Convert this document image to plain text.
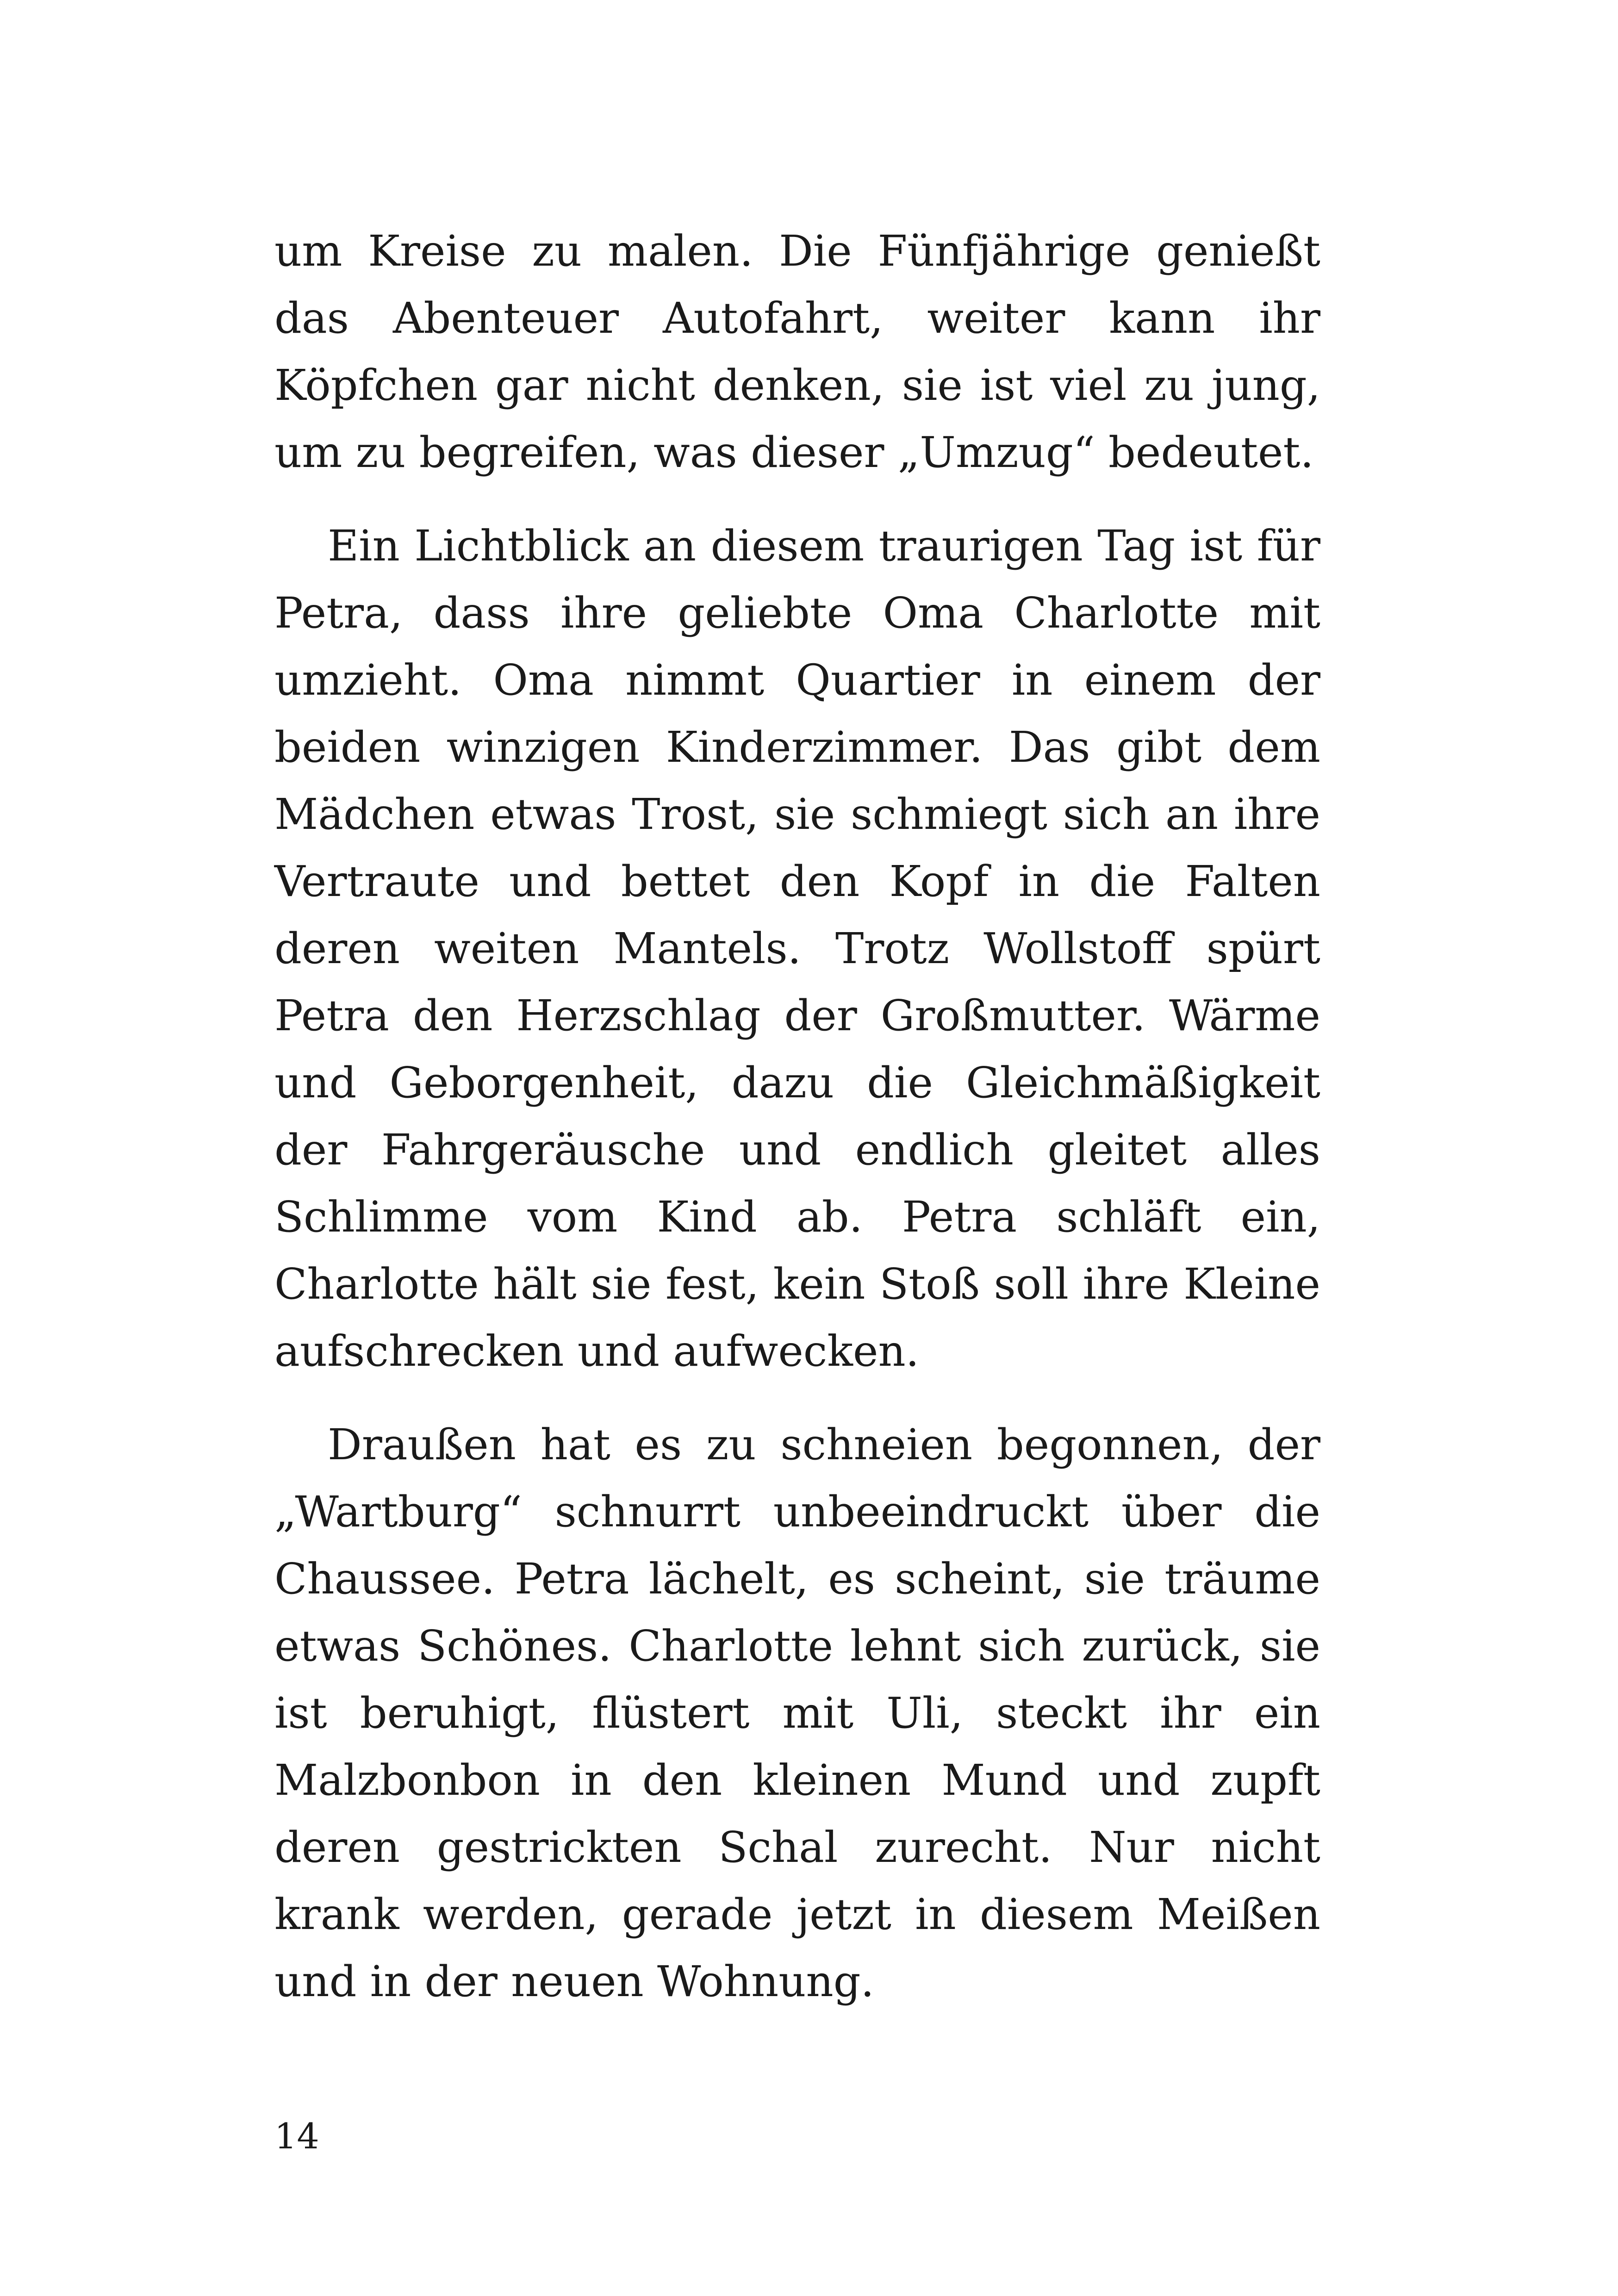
um Kreise zu malen. Die Fünfjährige genießt das Abenteuer Autofahrt, weiter kann ihr Köpfchen gar nicht denken, sie ist viel zu jung, um zu begreifen, was dieser „Umzug“ bedeutet.

Ein Lichtblick an diesem traurigen Tag ist für Petra, dass ihre geliebte Oma Charlotte mit umzieht. Oma nimmt Quartier in einem der beiden winzigen Kinderzimmer. Das gibt dem Mädchen etwas Trost, sie schmiegt sich an ihre Vertraute und bettet den Kopf in die Falten deren weiten Mantels. Trotz Wollstoff spürt Petra den Herzschlag der Großmutter. Wärme und Geborgenheit, dazu die Gleichmäßigkeit der Fahrgeräusche und endlich gleitet alles Schlimme vom Kind ab. Petra schläft ein, Charlotte hält sie fest, kein Stoß soll ihre Kleine aufschrecken und aufwecken.

Draußen hat es zu schneien begonnen, der „Wartburg“ schnurrt unbeeindruckt über die Chaussee. Petra lächelt, es scheint, sie träume etwas Schönes. Charlotte lehnt sich zurück, sie ist beruhigt, flüstert mit Uli, steckt ihr ein Malzbonbon in den kleinen Mund und zupft deren gestrickten Schal zurecht. Nur nicht krank werden, gerade jetzt in diesem Meißen und in der neuen Wohnung.

14
